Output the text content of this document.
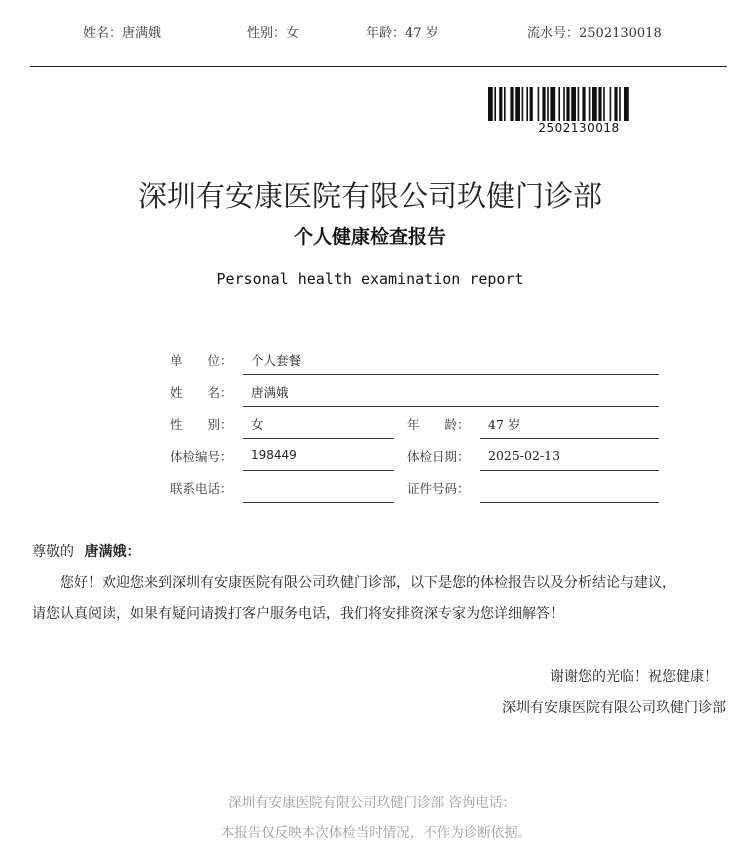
姓名：唐满娥	性别：女	年龄：47 岁	流水号：2502130018
2502130018
深圳有安康医院有限公司玖健门诊部
个人健康检查报告
Personal health examination report
单　　位： 个人套餐
姓　　名： 唐满娥
性　　别： 女	年　　龄： 47 岁
体检编号： 198449	体检日期： 2025-02-13
联系电话：	证件号码：
尊敬的 唐满娥：
您好！欢迎您来到深圳有安康医院有限公司玖健门诊部，以下是您的体检报告以及分析结论与建议，
请您认真阅读，如果有疑问请拨打客户服务电话，我们将安排资深专家为您详细解答！
谢谢您的光临！祝您健康！
深圳有安康医院有限公司玖健门诊部
深圳有安康医院有限公司玖健门诊部 咨询电话：
本报告仅反映本次体检当时情况，不作为诊断依据。
